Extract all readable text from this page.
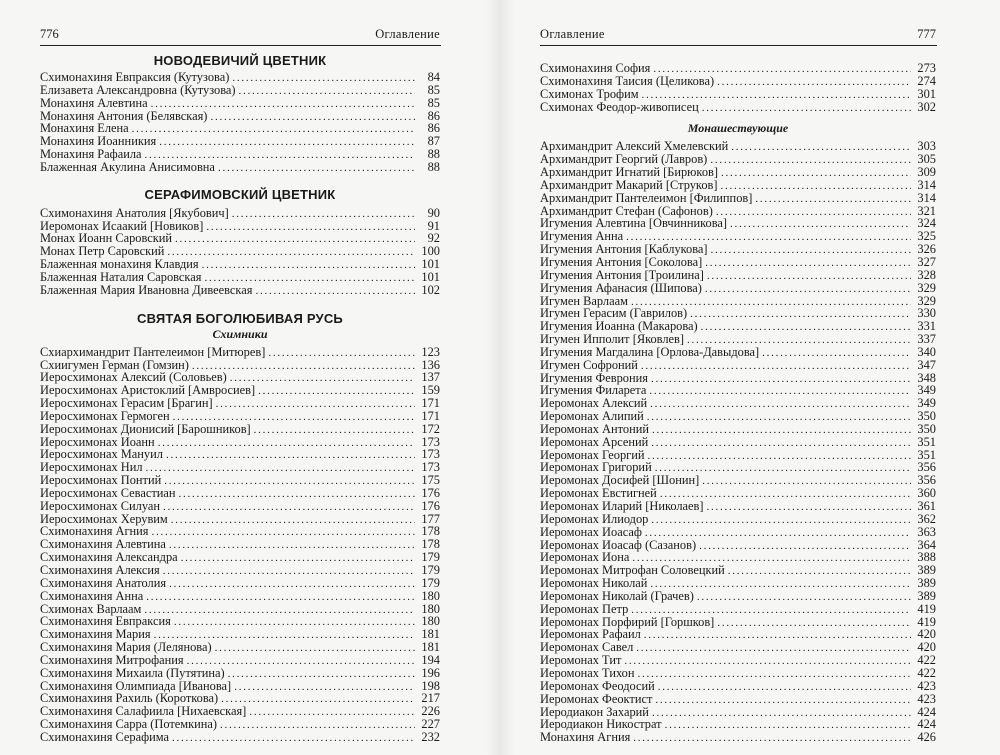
776	Оглавление
НОВОДЕВИЧИЙ ЦВЕТНИК
Схимонахиня Евпраксия (Кутузова) . . .	84
Елизавета Александровна (Кутузова) . . .	85
Монахиня Алевтина . . .	85
Монахиня Антония (Белявская) . . .	86
Монахиня Елена . . .	86
Монахиня Иоанникия . . .	87
Монахиня Рафаила . . .	88
Блаженная Акулина Анисимовна . . .	88
СЕРАФИМОВСКИЙ ЦВЕТНИК
Схимонахиня Анатолия [Якубович] . . .	90
Иеромонах Исаакий [Новиков] . . .	91
Монах Иоанн Саровский . . .	92
Монах Петр Саровский . . .	100
Блаженная монахиня Клавдия . . .	101
Блаженная Наталия Саровская . . .	101
Блаженная Мария Ивановна Дивеевская . . .	102
СВЯТАЯ БОГОЛЮБИВАЯ РУСЬ
Схимники
Схиархимандрит Пантелеимон [Митюрев] . . .	123
Схиигумен Герман (Гомзин) . . .	136
Иеросхимонах Алексий (Соловьев) . . .	137
Иеросхимонах Аристоклий [Амвросиев] . . .	159
Иеросхимонах Герасим [Брагин] . . .	171
Иеросхимонах Гермоген . . .	171
Иеросхимонах Дионисий [Барошников] . . .	172
Иеросхимонах Иоанн . . .	173
Иеросхимонах Мануил . . .	173
Иеросхимонах Нил . . .	173
Иеросхимонах Понтий . . .	175
Иеросхимонах Севастиан . . .	176
Иеросхимонах Силуан . . .	176
Иеросхимонах Херувим . . .	177
Схимонахиня Агния . . .	178
Схимонахиня Алевтина . . .	178
Схимонахиня Александра . . .	179
Схимонахиня Алексия . . .	179
Схимонахиня Анатолия . . .	179
Схимонахиня Анна . . .	180
Схимонах Варлаам . . .	180
Схимонахиня Евпраксия . . .	180
Схимонахиня Мария . . .	181
Схимонахиня Мария (Лелянова) . . .	181
Схимонахиня Митрофания . . .	194
Схимонахиня Михаила (Путятина) . . .	196
Схимонахиня Олимпиада [Иванова] . . .	198
Схимонахиня Рахиль (Короткова) . . .	217
Схимонахиня Салафиила [Нихаевская] . . .	226
Схимонахиня Сарра (Потемкина) . . .	227
Схимонахиня Серафима . . .	232
Оглавление	777
Схимонахиня София . . .	273
Схимонахиня Таисия (Целикова) . . .	274
Схимонах Трофим . . .	301
Схимонах Феодор-живописец . . .	302
Монашествующие
Архимандрит Алексий Хмелевский . . .	303
Архимандрит Георгий (Лавров) . . .	305
Архимандрит Игнатий [Бирюков] . . .	309
Архимандрит Макарий [Струков] . . .	314
Архимандрит Пантелеимон [Филиппов] . . .	314
Архимандрит Стефан (Сафонов) . . .	321
Игумения Алевтина [Овчинникова] . . .	324
Игумения Анна . . .	325
Игумения Антония [Каблукова] . . .	326
Игумения Антония [Соколова] . . .	327
Игумения Антония [Троилина] . . .	328
Игумения Афанасия (Шипова) . . .	329
Игумен Варлаам . . .	329
Игумен Герасим (Гаврилов) . . .	330
Игумения Иоанна (Макарова) . . .	331
Игумен Ипполит [Яковлев] . . .	337
Игумения Магдалина [Орлова-Давыдова] . . .	340
Игумен Софроний . . .	347
Игумения Феврония . . .	348
Игумения Филарета . . .	349
Иеромонах Алексий . . .	349
Иеромонах Алипий . . .	350
Иеромонах Антоний . . .	350
Иеромонах Арсений . . .	351
Иеромонах Георгий . . .	351
Иеромонах Григорий . . .	356
Иеромонах Досифей [Шонин] . . .	356
Иеромонах Евстигней . . .	360
Иеромонах Иларий [Николаев] . . .	361
Иеромонах Илиодор . . .	362
Иеромонах Иоасаф . . .	363
Иеромонах Иоасаф (Сазанов) . . .	364
Иеромонах Иона . . .	388
Иеромонах Митрофан Соловецкий . . .	389
Иеромонах Николай . . .	389
Иеромонах Николай (Грачев) . . .	389
Иеромонах Петр . . .	419
Иеромонах Порфирий [Горшков] . . .	419
Иеромонах Рафаил . . .	420
Иеромонах Савел . . .	420
Иеромонах Тит . . .	422
Иеромонах Тихон . . .	422
Иеромонах Феодосий . . .	423
Иеромонах Феоктист . . .	423
Иеродиакон Захарий . . .	424
Иеродиакон Никострат . . .	424
Монахиня Агния . . .	426
